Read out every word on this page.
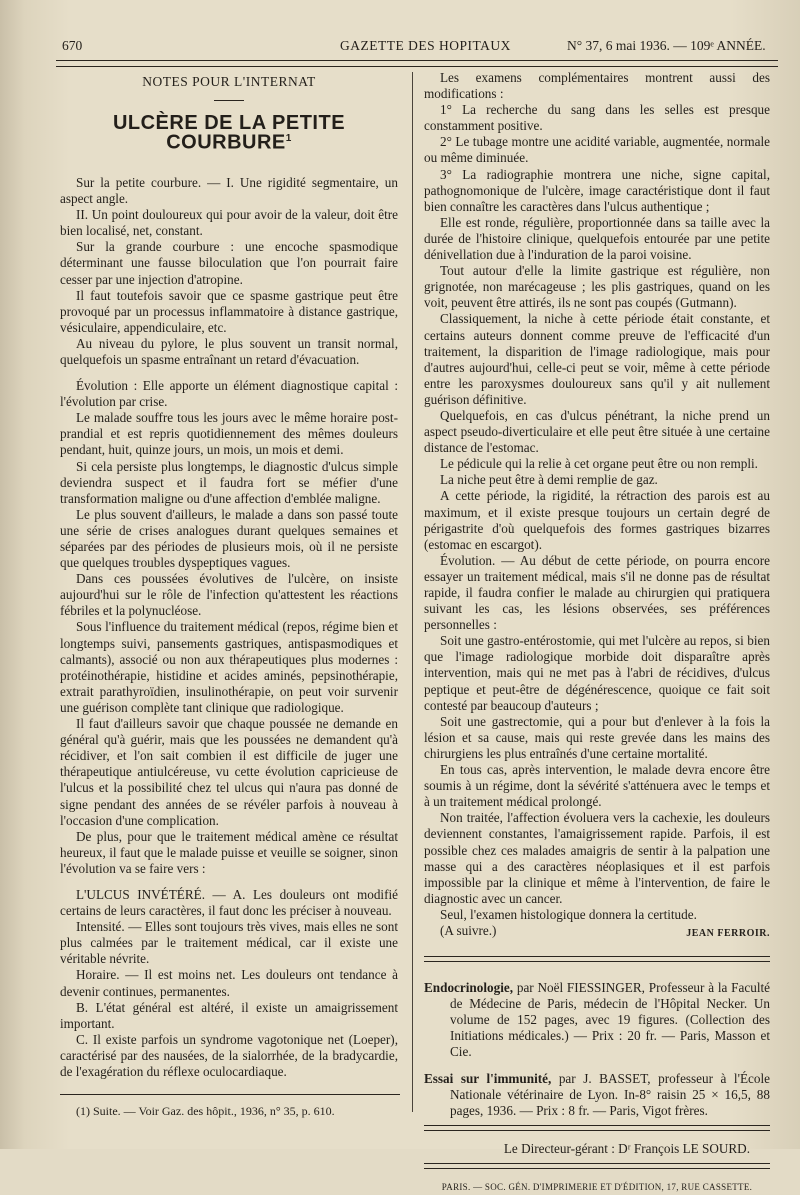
670	GAZETTE DES HOPITAUX	N° 37, 6 mai 1936. — 109ᵉ ANNÉE.

NOTES POUR L'INTERNAT

ULCÈRE DE LA PETITE COURBURE$^1$

Sur la petite courbure. — I. Une rigidité segmentaire, un aspect angle.

II. Un point douloureux qui pour avoir de la valeur, doit être bien localisé, net, constant.

Sur la grande courbure : une encoche spasmodique déterminant une fausse biloculation que l'on pourrait faire cesser par une injection d'atropine.

Il faut toutefois savoir que ce spasme gastrique peut être provoqué par un processus inflammatoire à distance gastrique, vésiculaire, appendiculaire, etc.

Au niveau du pylore, le plus souvent un transit normal, quelquefois un spasme entraînant un retard d'évacuation.

Évolution : Elle apporte un élément diagnostique capital : l'évolution par crise.

Le malade souffre tous les jours avec le même horaire post-prandial et est repris quotidiennement des mêmes douleurs pendant, huit, quinze jours, un mois, un mois et demi.

Si cela persiste plus longtemps, le diagnostic d'ulcus simple deviendra suspect et il faudra fort se méfier d'une transformation maligne ou d'une affection d'emblée maligne.

Le plus souvent d'ailleurs, le malade a dans son passé toute une série de crises analogues durant quelques semaines et séparées par des périodes de plusieurs mois, où il ne persiste que quelques troubles dyspeptiques vagues.

Dans ces poussées évolutives de l'ulcère, on insiste aujourd'hui sur le rôle de l'infection qu'attestent les réactions fébriles et la polynucléose.

Sous l'influence du traitement médical (repos, régime bien et longtemps suivi, pansements gastriques, antispasmodiques et calmants), associé ou non aux thérapeutiques plus modernes : protéinothérapie, histidine et acides aminés, pepsinothérapie, extrait parathyroïdien, insulinothérapie, on peut voir survenir une guérison complète tant clinique que radiologique.

Il faut d'ailleurs savoir que chaque poussée ne demande en général qu'à guérir, mais que les poussées ne demandent qu'à récidiver, et l'on sait combien il est difficile de juger une thérapeutique antiulcéreuse, vu cette évolution capricieuse de l'ulcus et la possibilité chez tel ulcus qui n'aura pas donné de signe pendant des années de se révéler parfois à nouveau à l'occasion d'une complication.

De plus, pour que le traitement médical amène ce résultat heureux, il faut que le malade puisse et veuille se soigner, sinon l'évolution va se faire vers :

L'ULCUS INVÉTÉRÉ. — A. Les douleurs ont modifié certains de leurs caractères, il faut donc les préciser à nouveau.

Intensité. — Elles sont toujours très vives, mais elles ne sont plus calmées par le traitement médical, car il existe une véritable névrite.

Horaire. — Il est moins net. Les douleurs ont tendance à devenir continues, permanentes.

B. L'état général est altéré, il existe un amaigrissement important.

C. Il existe parfois un syndrome vagotonique net (Loeper), caractérisé par des nausées, de la sialorrhée, de la bradycardie, de l'exagération du réflexe oculocardiaque.

(1) Suite. — Voir Gaz. des hôpit., 1936, n° 35, p. 610.

Les examens complémentaires montrent aussi des modifications :

1° La recherche du sang dans les selles est presque constamment positive.

2° Le tubage montre une acidité variable, augmentée, normale ou même diminuée.

3° La radiographie montrera une niche, signe capital, pathognomonique de l'ulcère, image caractéristique dont il faut bien connaître les caractères dans l'ulcus authentique ;

Elle est ronde, régulière, proportionnée dans sa taille avec la durée de l'histoire clinique, quelquefois entourée par une petite dénivellation due à l'induration de la paroi voisine.

Tout autour d'elle la limite gastrique est régulière, non grignotée, non marécageuse ; les plis gastriques, quand on les voit, peuvent être attirés, ils ne sont pas coupés (Gutmann).

Classiquement, la niche à cette période était constante, et certains auteurs donnent comme preuve de l'efficacité d'un traitement, la disparition de l'image radiologique, mais pour d'autres aujourd'hui, celle-ci peut se voir, même à cette période entre les paroxysmes douloureux sans qu'il y ait nullement guérison définitive.

Quelquefois, en cas d'ulcus pénétrant, la niche prend un aspect pseudo-diverticulaire et elle peut être située à une certaine distance de l'estomac.

Le pédicule qui la relie à cet organe peut être ou non rempli.

La niche peut être à demi remplie de gaz.

A cette période, la rigidité, la rétraction des parois est au maximum, et il existe presque toujours un certain degré de périgastrite d'où quelquefois des formes gastriques bizarres (estomac en escargot).

Évolution. — Au début de cette période, on pourra encore essayer un traitement médical, mais s'il ne donne pas de résultat rapide, il faudra confier le malade au chirurgien qui pratiquera suivant les cas, les lésions observées, ses préférences personnelles :

Soit une gastro-entérostomie, qui met l'ulcère au repos, si bien que l'image radiologique morbide doit disparaître après intervention, mais qui ne met pas à l'abri de récidives, d'ulcus peptique et peut-être de dégénérescence, quoique ce fait soit contesté par beaucoup d'auteurs ;

Soit une gastrectomie, qui a pour but d'enlever à la fois la lésion et sa cause, mais qui reste grevée dans les mains des chirurgiens les plus entraînés d'une certaine mortalité.

En tous cas, après intervention, le malade devra encore être soumis à un régime, dont la sévérité s'atténuera avec le temps et à un traitement médical prolongé.

Non traitée, l'affection évoluera vers la cachexie, les douleurs deviennent constantes, l'amaigrissement rapide. Parfois, il est possible chez ces malades amaigris de sentir à la palpation une masse qui a des caractères néoplasiques et il est parfois impossible par la clinique et même à l'intervention, de faire le diagnostic avec un cancer.

Seul, l'examen histologique donnera la certitude.

(A suivre.)	JEAN FERROIR.

Endocrinologie, par Noël FIESSINGER, Professeur à la Faculté de Médecine de Paris, médecin de l'Hôpital Necker. Un volume de 152 pages, avec 19 figures. (Collection des Initiations médicales.) — Prix : 20 fr. — Paris, Masson et Cie.

Essai sur l'immunité, par J. BASSET, professeur à l'École Nationale vétérinaire de Lyon. In-8° raisin 25 × 16,5, 88 pages, 1936. — Prix : 8 fr. — Paris, Vigot frères.

Le Directeur-gérant : Dʳ François LE SOURD.

PARIS. — SOC. GÉN. D'IMPRIMERIE ET D'ÉDITION, 17, RUE CASSETTE.
